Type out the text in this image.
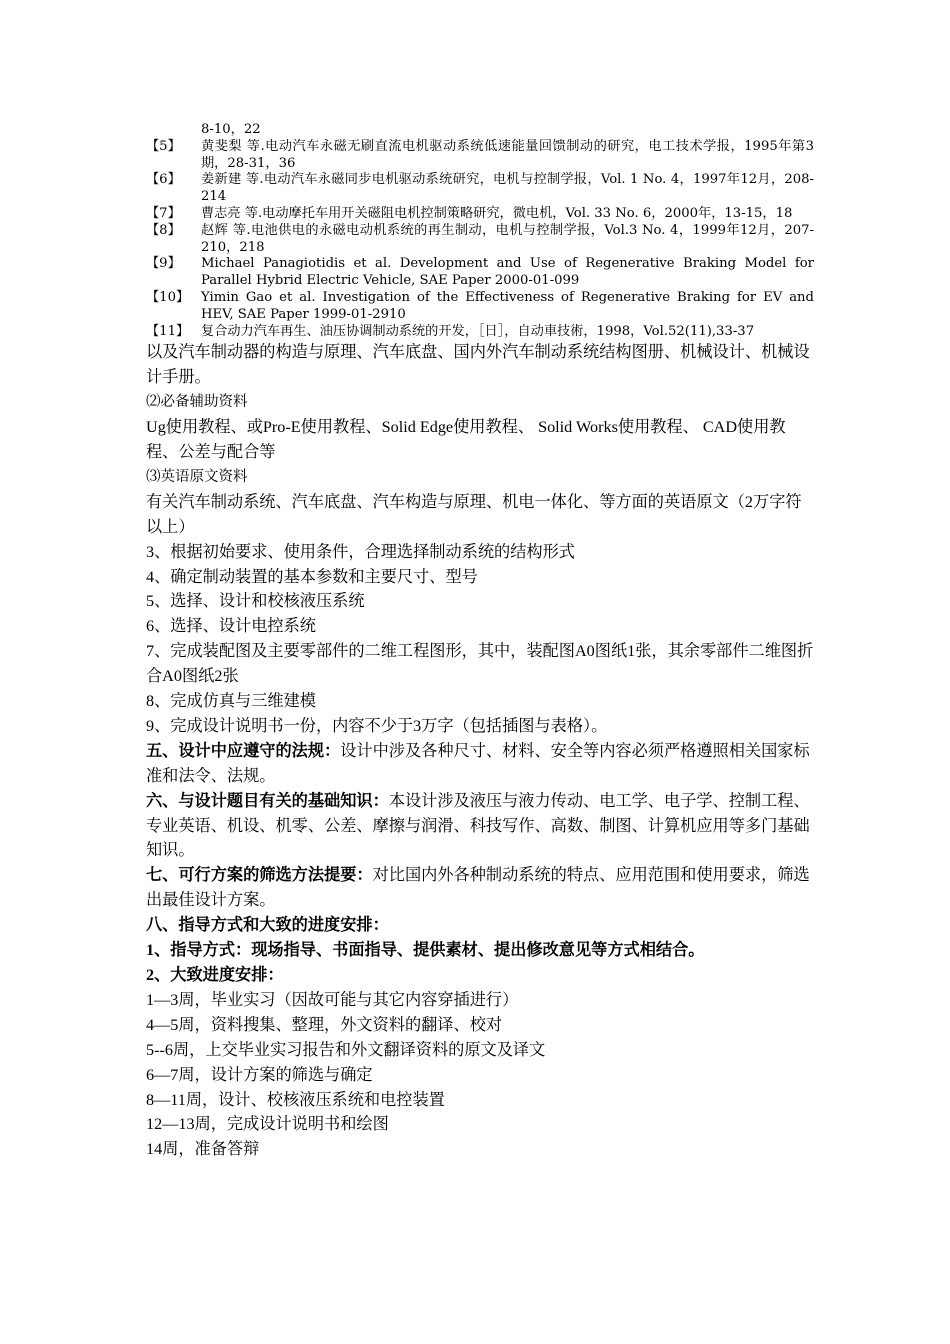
8-10，22
【5】	黄斐梨 等.电动汽车永磁无刷直流电机驱动系统低速能量回馈制动的研究，电工技术学报，1995年第3期，28-31，36
【6】	姜新建 等.电动汽车永磁同步电机驱动系统研究，电机与控制学报，Vol. 1 No. 4，1997年12月，208-214
【7】	曹志亮 等.电动摩托车用开关磁阻电机控制策略研究，微电机，Vol. 33 No. 6，2000年，13-15，18
【8】	赵辉 等.电池供电的永磁电动机系统的再生制动，电机与控制学报，Vol.3 No. 4，1999年12月，207-210，218
【9】	Michael Panagiotidis et al. Development and Use of Regenerative Braking Model for Parallel Hybrid Electric Vehicle, SAE Paper 2000-01-099
【10】 Yimin Gao et al. Investigation of the Effectiveness of Regenerative Braking for EV and HEV, SAE Paper 1999-01-2910
【11】 复合动力汽车再生、油压协调制动系统的开发，［日］，自动車技術，1998，Vol.52(11),33-37

以及汽车制动器的构造与原理、汽车底盘、国内外汽车制动系统结构图册、机械设计、机械设计手册。

⑵必备辅助资料

Ug使用教程、或Pro-E使用教程、Solid Edge使用教程、 Solid Works使用教程、 CAD使用教程、公差与配合等

⑶英语原文资料

有关汽车制动系统、汽车底盘、汽车构造与原理、机电一体化、等方面的英语原文（2万字符以上）

3、根据初始要求、使用条件，合理选择制动系统的结构形式

4、确定制动装置的基本参数和主要尺寸、型号

5、选择、设计和校核液压系统

6、选择、设计电控系统

7、完成装配图及主要零部件的二维工程图形，其中，装配图A0图纸1张，其余零部件二维图折合A0图纸2张

8、完成仿真与三维建模

9、完成设计说明书一份，内容不少于3万字（包括插图与表格）。

五、设计中应遵守的法规：设计中涉及各种尺寸、材料、安全等内容必须严格遵照相关国家标准和法令、法规。

六、与设计题目有关的基础知识：本设计涉及液压与液力传动、电工学、电子学、控制工程、专业英语、机设、机零、公差、摩擦与润滑、科技写作、高数、制图、计算机应用等多门基础知识。

七、可行方案的筛选方法提要：对比国内外各种制动系统的特点、应用范围和使用要求，筛选出最佳设计方案。

八、指导方式和大致的进度安排：

1、指导方式：现场指导、书面指导、提供素材、提出修改意见等方式相结合。

2、大致进度安排：

1—3周，毕业实习（因故可能与其它内容穿插进行）

4—5周，资料搜集、整理，外文资料的翻译、校对

5--6周，上交毕业实习报告和外文翻译资料的原文及译文

6—7周，设计方案的筛选与确定

8—11周，设计、校核液压系统和电控装置

12—13周，完成设计说明书和绘图

14周，准备答辩
